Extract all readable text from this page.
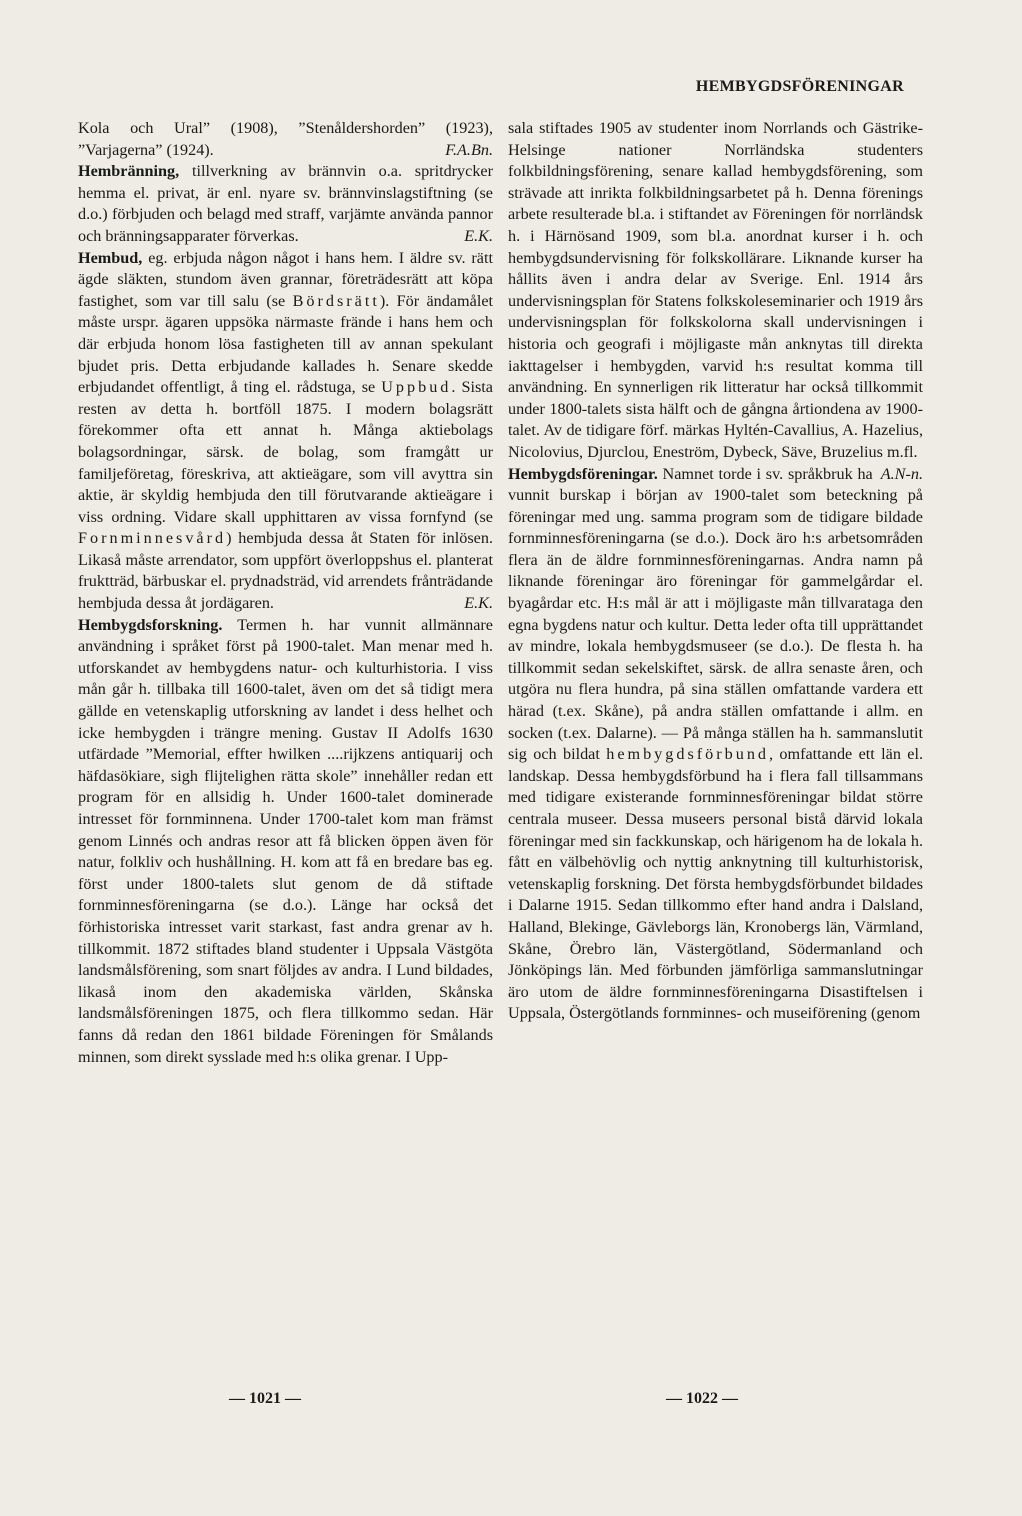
HEMBYGDSFÖRENINGAR

Kola och Ural” (1908), ”Stenåldershorden” (1923), ”Varjagerna” (1924).	F.A.Bn.

Hembränning, tillverkning av brännvin o.a. spritdrycker hemma el. privat, är enl. nyare sv. brännvinslagstiftning (se d.o.) förbjuden och belagd med straff, varjämte använda pannor och bränningsapparater förverkas.	E.K.

Hembud, eg. erbjuda någon något i hans hem. I äldre sv. rätt ägde släkten, stundom även grannar, företrädesrätt att köpa fastighet, som var till salu (se Bördsrätt). För ändamålet måste urspr. ägaren uppsöka närmaste frände i hans hem och där erbjuda honom lösa fastigheten till av annan spekulant bjudet pris. Detta erbjudande kallades h. Senare skedde erbjudandet offentligt, å ting el. rådstuga, se Uppbud. Sista resten av detta h. bortföll 1875. I modern bolagsrätt förekommer ofta ett annat h. Många aktiebolags bolagsordningar, särsk. de bolag, som framgått ur familjeföretag, föreskriva, att aktieägare, som vill avyttra sin aktie, är skyldig hembjuda den till förutvarande aktieägare i viss ordning. Vidare skall upphittaren av vissa fornfynd (se Fornminnesvård) hembjuda dessa åt Staten för inlösen. Likaså måste arrendator, som uppfört överloppshus el. planterat fruktträd, bärbuskar el. prydnadsträd, vid arrendets frånträdande hembjuda dessa åt jordägaren.	E.K.

Hembygdsforskning. Termen h. har vunnit allmännare användning i språket först på 1900-talet. Man menar med h. utforskandet av hembygdens natur- och kulturhistoria. I viss mån går h. tillbaka till 1600-talet, även om det så tidigt mera gällde en vetenskaplig utforskning av landet i dess helhet och icke hembygden i trängre mening. Gustav II Adolfs 1630 utfärdade ”Memorial, effter hwilken ....rijkzens antiquarij och häfdasökiare, sigh flijtelighen rätta skole” innehåller redan ett program för en allsidig h. Under 1600-talet dominerade intresset för fornminnena. Under 1700-talet kom man främst genom Linnés och andras resor att få blicken öppen även för natur, folkliv och hushållning. H. kom att få en bredare bas eg. först under 1800-talets slut genom de då stiftade fornminnesföreningarna (se d.o.). Länge har också det förhistoriska intresset varit starkast, fast andra grenar av h. tillkommit. 1872 stiftades bland studenter i Uppsala Västgöta landsmålsförening, som snart följdes av andra. I Lund bildades, likaså inom den akademiska världen, Skånska landsmålsföreningen 1875, och flera tillkommo sedan. Här fanns då redan den 1861 bildade Föreningen för Smålands minnen, som direkt sysslade med h:s olika grenar. I Upp-

sala stiftades 1905 av studenter inom Norrlands och Gästrike-Helsinge nationer Norrländska studenters folkbildningsförening, senare kallad hembygdsförening, som strävade att inrikta folkbildningsarbetet på h. Denna förenings arbete resulterade bl.a. i stiftandet av Föreningen för norrländsk h. i Härnösand 1909, som bl.a. anordnat kurser i h. och hembygdsundervisning för folkskollärare. Liknande kurser ha hållits även i andra delar av Sverige. Enl. 1914 års undervisningsplan för Statens folkskoleseminarier och 1919 års undervisningsplan för folkskolorna skall undervisningen i historia och geografi i möjligaste mån anknytas till direkta iakttagelser i hembygden, varvid h:s resultat komma till användning. En synnerligen rik litteratur har också tillkommit under 1800-talets sista hälft och de gångna årtiondena av 1900-talet. Av de tidigare förf. märkas Hyltén-Cavallius, A. Hazelius, Nicolovius, Djurclou, Eneström, Dybeck, Säve, Bruzelius m.fl.
A.N-n.

Hembygdsföreningar. Namnet torde i sv. språkbruk ha vunnit burskap i början av 1900-talet som beteckning på föreningar med ung. samma program som de tidigare bildade fornminnesföreningarna (se d.o.). Dock äro h:s arbetsområden flera än de äldre fornminnesföreningarnas. Andra namn på liknande föreningar äro föreningar för gammelgårdar el. byagårdar etc. H:s mål är att i möjligaste mån tillvaratagа den egna bygdens natur och kultur. Detta leder ofta till upprättandet av mindre, lokala hembygdsmuseer (se d.o.). De flesta h. ha tillkommit sedan sekelskiftet, särsk. de allra senaste åren, och utgöra nu flera hundra, på sina ställen omfattande vardera ett härad (t.ex. Skåne), på andra ställen omfattande i allm. en socken (t.ex. Dalarne). — På många ställen ha h. sammanslutit sig och bildat hembygdsförbund, omfattande ett län el. landskap. Dessa hembygdsförbund ha i flera fall tillsammans med tidigare existerande fornminnesföreningar bildat större centrala museer. Dessa museers personal bistå därvid lokala föreningar med sin fackkunskap, och härigenom ha de lokala h. fått en välbehövlig och nyttig anknytning till kulturhistorisk, vetenskaplig forskning. Det första hembygdsförbundet bildades i Dalarne 1915. Sedan tillkommo efter hand andra i Dalsland, Halland, Blekinge, Gävleborgs län, Kronobergs län, Värmland, Skåne, Örebro län, Västergötland, Södermanland och Jönköpings län. Med förbunden jämförliga sammanslutningar äro utom de äldre fornminnesföreningarna Disastiftelsen i Uppsala, Östergötlands fornminnes- och museiförening (genom

— 1021 —	— 1022 —
